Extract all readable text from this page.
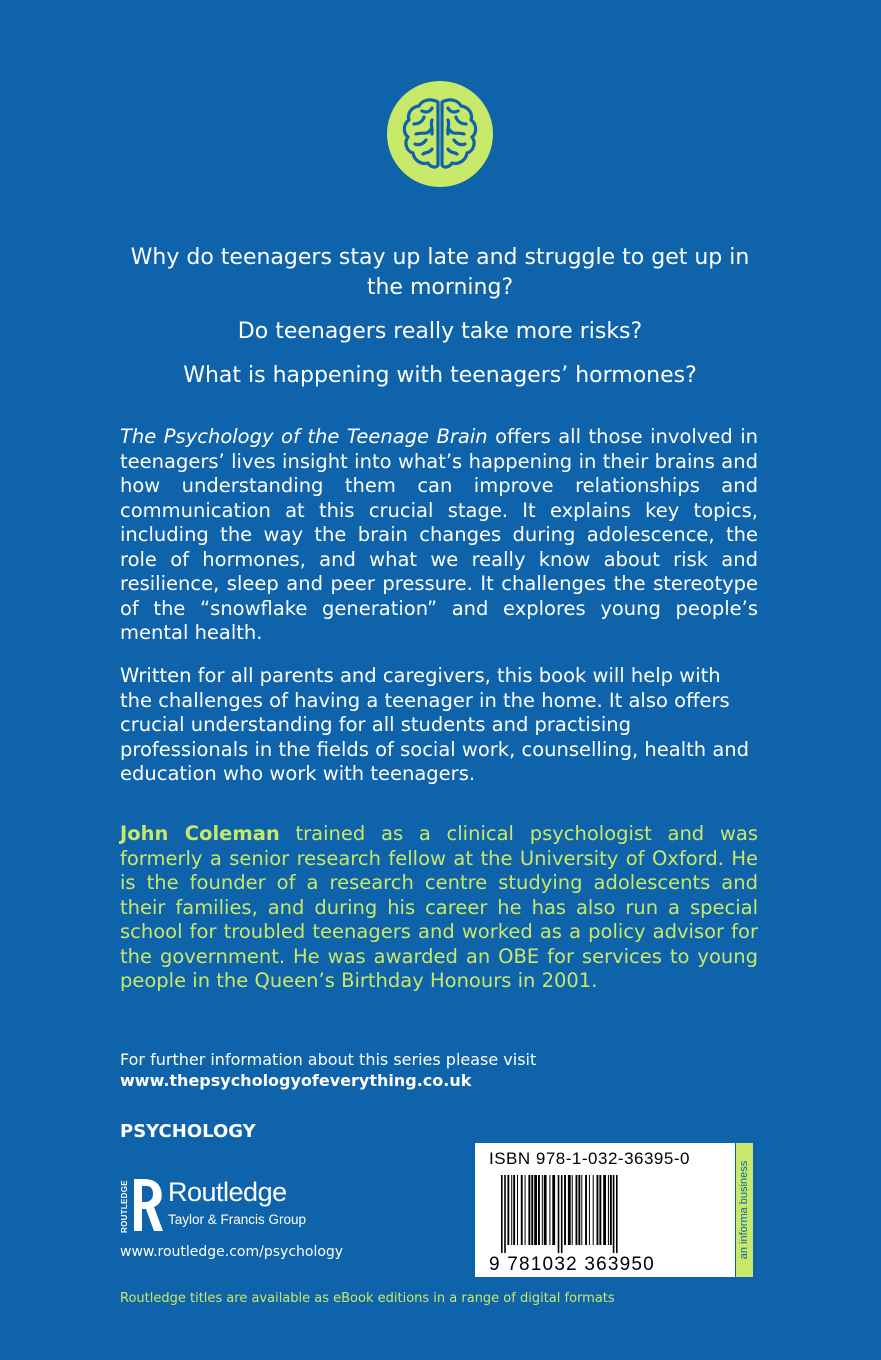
Why do teenagers stay up late and struggle to get up in the morning?

Do teenagers really take more risks?

What is happening with teenagers’ hormones?

The Psychology of the Teenage Brain offers all those involved in teenagers’ lives insight into what’s happening in their brains and how understanding them can improve relationships and communication at this crucial stage. It explains key topics, including the way the brain changes during adolescence, the role of hormones, and what we really know about risk and resilience, sleep and peer pressure. It challenges the stereotype of the “snowflake generation” and explores young people’s mental health.

Written for all parents and caregivers, this book will help with the challenges of having a teenager in the home. It also offers crucial understanding for all students and practising professionals in the fields of social work, counselling, health and education who work with teenagers.

John Coleman trained as a clinical psychologist and was formerly a senior research fellow at the University of Oxford. He is the founder of a research centre studying adolescents and their families, and during his career he has also run a special school for troubled teenagers and worked as a policy advisor for the government. He was awarded an OBE for services to young people in the Queen’s Birthday Honours in 2001.

For further information about this series please visit
www.thepsychologyofeverything.co.uk
PSYCHOLOGY
ROUTLEDGE Routledge
Taylor & Francis Group
www.routledge.com/psychology
Routledge titles are available as eBook editions in a range of digital formats
ISBN 978-1-032-36395-0
9 781032 363950
an informa business
